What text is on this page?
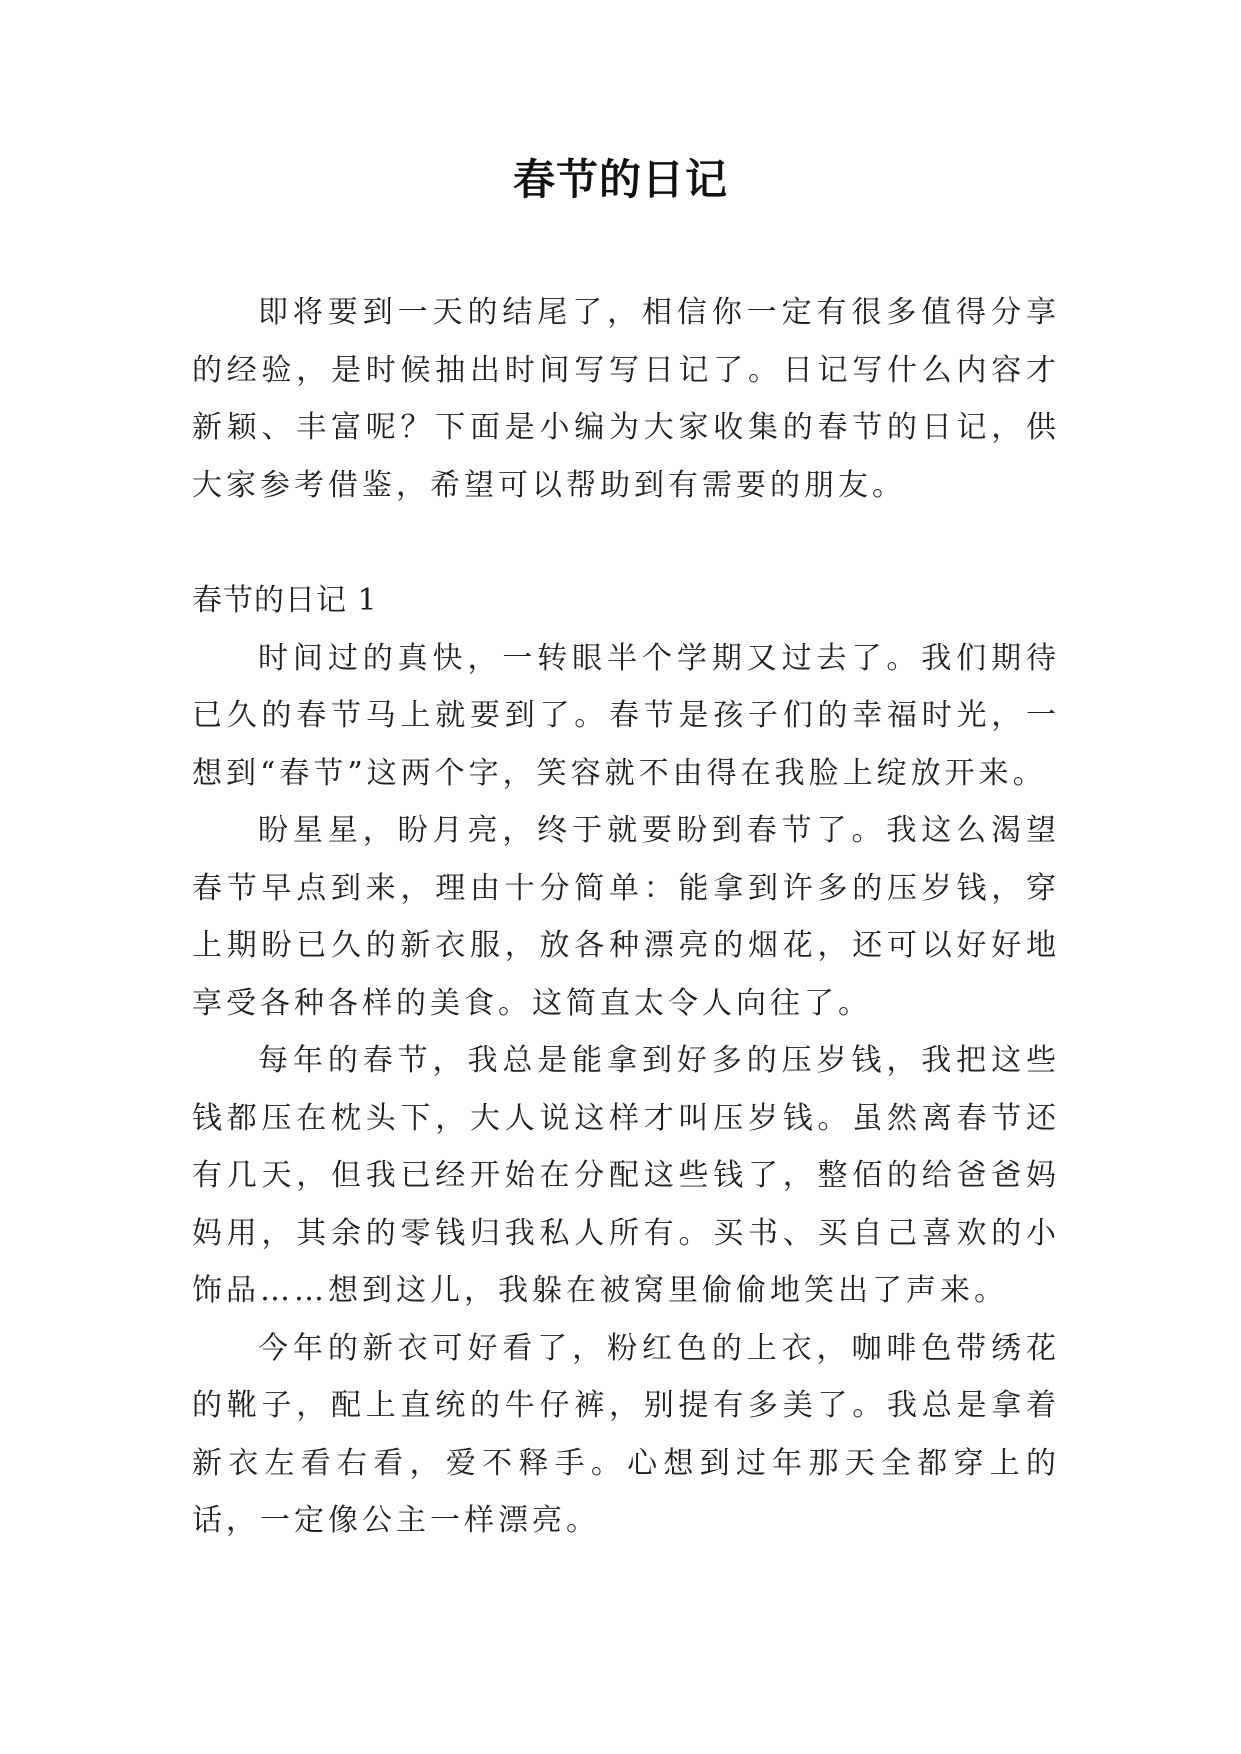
春节的日记

即将要到一天的结尾了，相信你一定有很多值得分享的经验，是时候抽出时间写写日记了。日记写什么内容才新颖、丰富呢？下面是小编为大家收集的春节的日记，供大家参考借鉴，希望可以帮助到有需要的朋友。

春节的日记 1

时间过的真快，一转眼半个学期又过去了。我们期待已久的春节马上就要到了。春节是孩子们的幸福时光，一想到“春节”这两个字，笑容就不由得在我脸上绽放开来。

盼星星，盼月亮，终于就要盼到春节了。我这么渴望春节早点到来，理由十分简单：能拿到许多的压岁钱，穿上期盼已久的新衣服，放各种漂亮的烟花，还可以好好地享受各种各样的美食。这简直太令人向往了。

每年的春节，我总是能拿到好多的压岁钱，我把这些钱都压在枕头下，大人说这样才叫压岁钱。虽然离春节还有几天，但我已经开始在分配这些钱了，整佰的给爸爸妈妈用，其余的零钱归我私人所有。买书、买自己喜欢的小饰品……想到这儿，我躲在被窝里偷偷地笑出了声来。

今年的新衣可好看了，粉红色的上衣，咖啡色带绣花的靴子，配上直统的牛仔裤，别提有多美了。我总是拿着新衣左看右看，爱不释手。心想到过年那天全都穿上的话，一定像公主一样漂亮。
